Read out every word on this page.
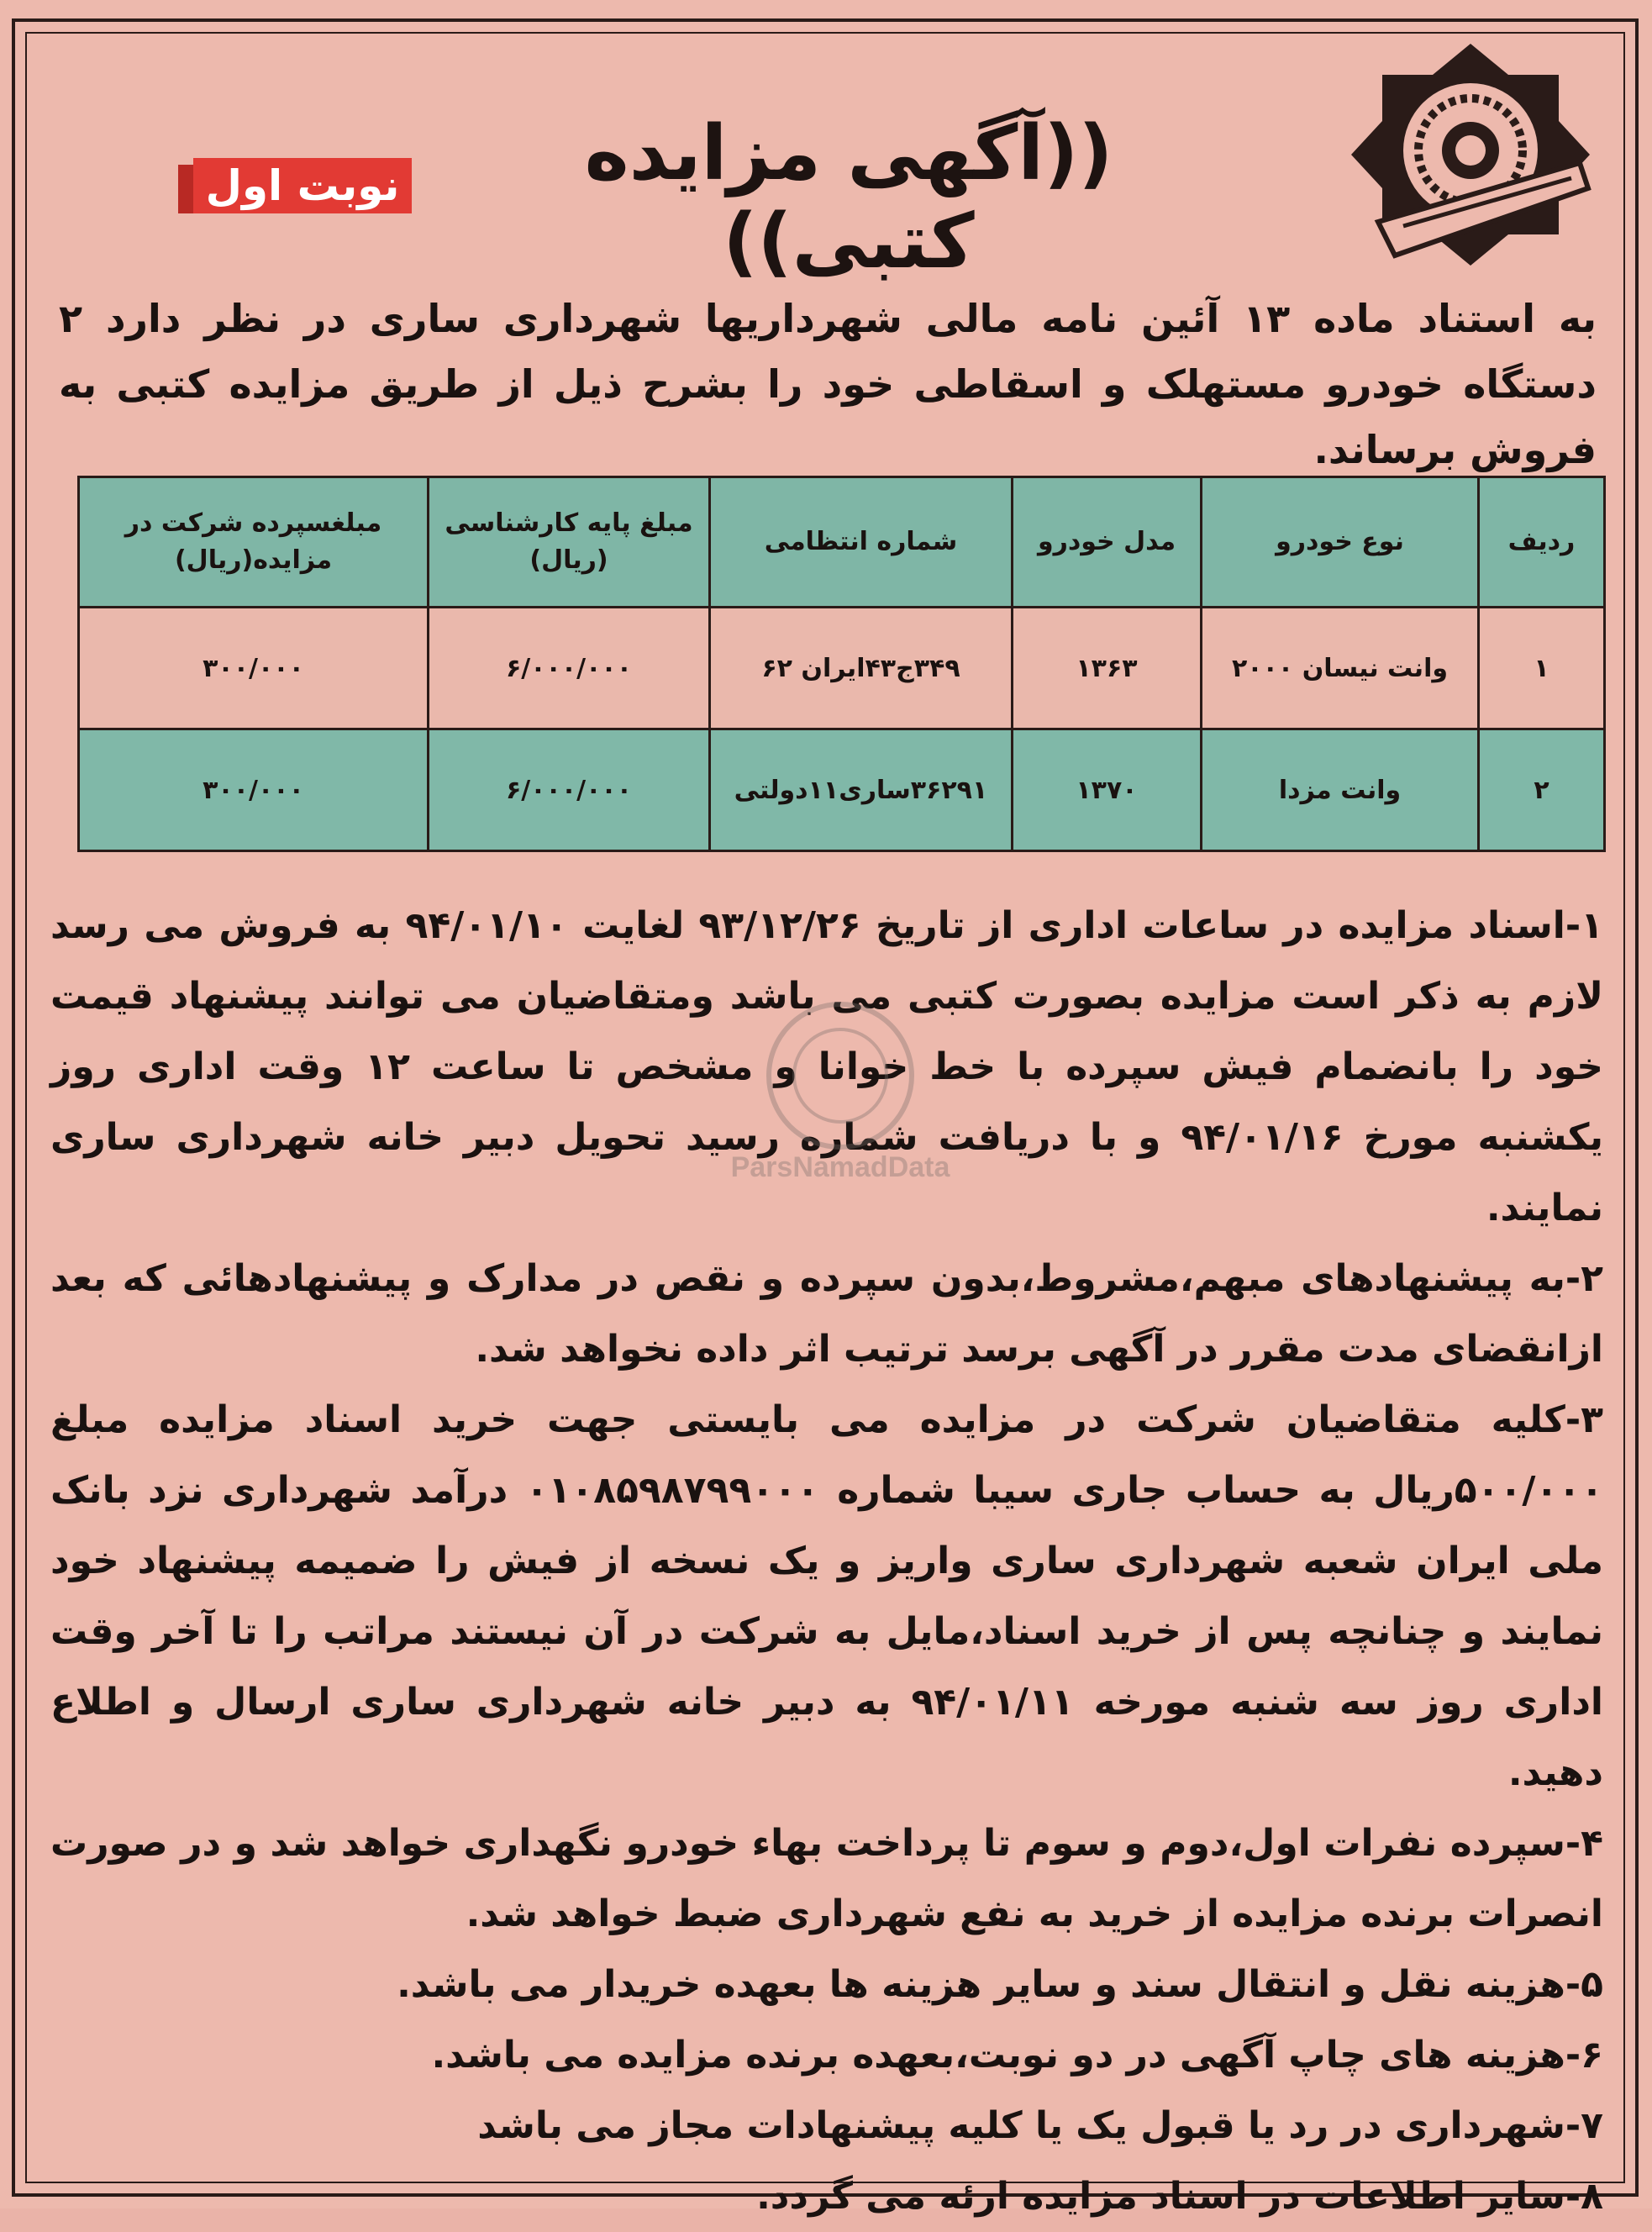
((آگهی مزایده کتبی))
نوبت اول
به استناد ماده ۱۳ آئین نامه مالی شهرداریها شهرداری ساری در نظر دارد ۲ دستگاه خودرو مستهلک و اسقاطی خود را بشرح ذیل از طریق مزایده کتبی به فروش برساند.
ردیف	نوع خودرو	مدل خودرو	شماره انتظامی	مبلغ پایه کارشناسی (ریال)	مبلغسپرده شرکت در مزایده(ریال)
۱	وانت نیسان ۲۰۰۰	۱۳۶۳	۳۴۹ج۴۳ایران ۶۲	۶/۰۰۰/۰۰۰	۳۰۰/۰۰۰
۲	وانت مزدا	۱۳۷۰	۳۶۲۹۱ساری۱۱دولتی	۶/۰۰۰/۰۰۰	۳۰۰/۰۰۰

۱-اسناد مزایده در ساعات اداری از تاریخ ۹۳/۱۲/۲۶ لغایت ۹۴/۰۱/۱۰ به فروش می رسد لازم به ذکر است مزایده بصورت کتبی می باشد ومتقاضیان می توانند پیشنهاد قیمت خود را بانضمام فیش سپرده با خط خوانا و مشخص تا ساعت ۱۲ وقت اداری روز یکشنبه مورخ ۹۴/۰۱/۱۶ و با دریافت شماره رسید تحویل دبیر خانه شهرداری ساری نمایند.

۲-به پیشنهادهای مبهم،مشروط،بدون سپرده و نقص در مدارک و پیشنهادهائی که بعد ازانقضای مدت مقرر در آگهی برسد ترتیب اثر داده نخواهد شد.

۳-کلیه متقاضیان شرکت در مزایده می بایستی جهت خرید اسناد مزایده مبلغ ۵۰۰/۰۰۰ریال به حساب جاری سیبا شماره ۰۱۰۸۵۹۸۷۹۹۰۰۰ درآمد شهرداری نزد بانک ملی ایران شعبه شهرداری ساری واریز و یک نسخه از فیش را ضمیمه پیشنهاد خود نمایند و چنانچه پس از خرید اسناد،مایل به شرکت در آن نیستند مراتب را تا آخر وقت اداری روز سه شنبه مورخه ۹۴/۰۱/۱۱ به دبیر خانه شهرداری ساری ارسال و اطلاع دهید.

۴-سپرده نفرات اول،دوم و سوم تا پرداخت بهاء خودرو نگهداری خواهد شد و در صورت انصرات برنده مزایده از خرید به نفع شهرداری ضبط خواهد شد.

۵-هزینه نقل و انتقال سند و سایر هزینه ها بعهده خریدار می باشد.

۶-هزینه های چاپ آگهی در دو نوبت،بعهده برنده مزایده می باشد.

۷-شهرداری در رد یا قبول یک یا کلیه پیشنهادات مجاز می باشد

۸-سایر اطلاعات در اسناد مزایده ارئه می گردد.

ParsNamadData
